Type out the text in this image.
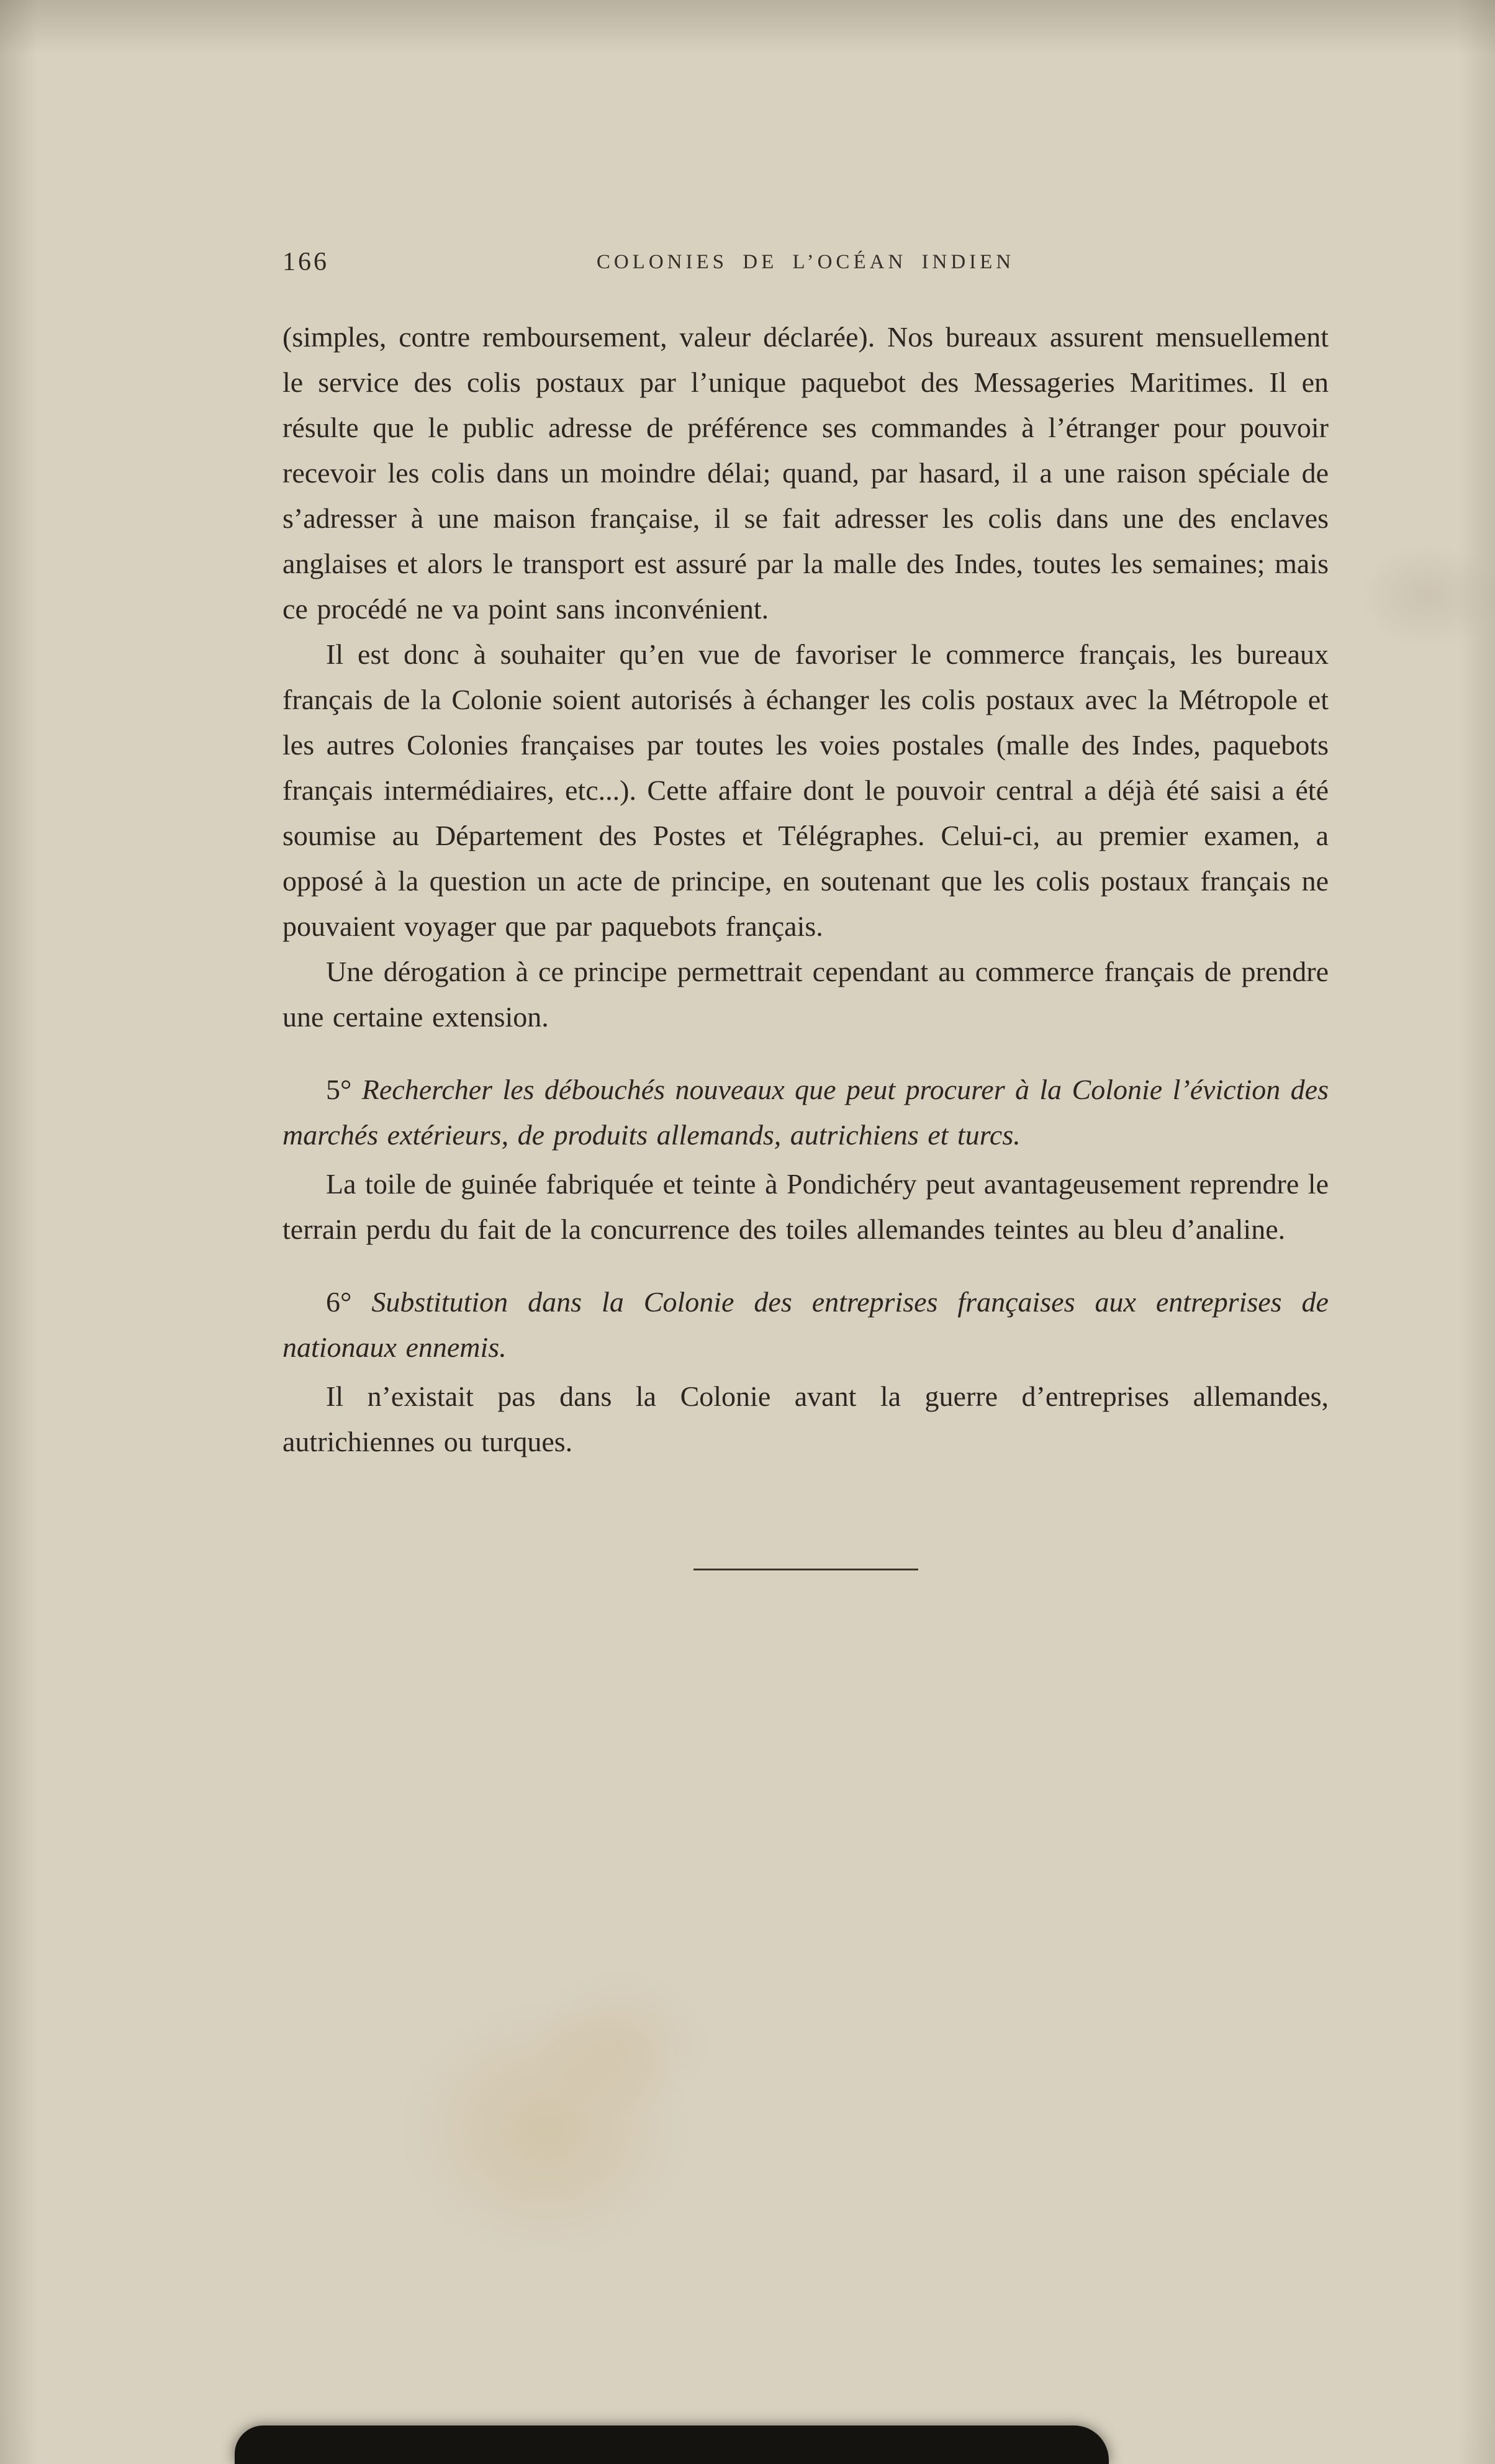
166	COLONIES DE L’OCÉAN INDIEN

(simples, contre remboursement, valeur déclarée). Nos bureaux assurent mensuellement le service des colis postaux par l’unique paquebot des Messageries Maritimes. Il en résulte que le public adresse de préférence ses commandes à l’étranger pour pouvoir recevoir les colis dans un moindre délai; quand, par hasard, il a une raison spéciale de s’adresser à une maison française, il se fait adresser les colis dans une des enclaves anglaises et alors le transport est assuré par la malle des Indes, toutes les semaines; mais ce procédé ne va point sans inconvénient.

Il est donc à souhaiter qu’en vue de favoriser le commerce français, les bureaux français de la Colonie soient autorisés à échanger les colis postaux avec la Métropole et les autres Colonies françaises par toutes les voies postales (malle des Indes, paquebots français intermédiaires, etc...). Cette affaire dont le pouvoir central a déjà été saisi a été soumise au Département des Postes et Télégraphes. Celui-ci, au premier examen, a opposé à la question un acte de principe, en soutenant que les colis postaux français ne pouvaient voyager que par paquebots français.

Une dérogation à ce principe permettrait cependant au commerce français de prendre une certaine extension.

5° Rechercher les débouchés nouveaux que peut procurer à la Colonie l’éviction des marchés extérieurs, de produits allemands, autrichiens et turcs.

La toile de guinée fabriquée et teinte à Pondichéry peut avantageusement reprendre le terrain perdu du fait de la concurrence des toiles allemandes teintes au bleu d’analine.

6° Substitution dans la Colonie des entreprises françaises aux entreprises de nationaux ennemis.

Il n’existait pas dans la Colonie avant la guerre d’entreprises allemandes, autrichiennes ou turques.
